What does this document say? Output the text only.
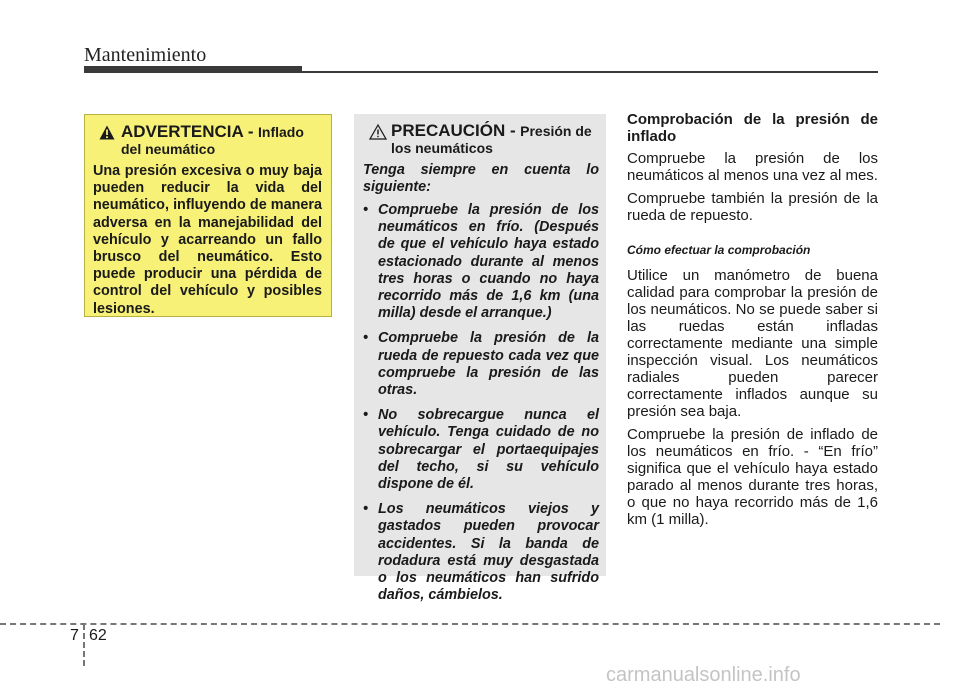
Mantenimiento
ADVERTENCIA - Inflado
del neumático
Una presión excesiva o muy baja pueden reducir la vida del neumático, influyendo de manera adversa en la manejabilidad del vehículo y acarreando un fallo brusco del neumático. Esto puede producir una pérdida de control del vehículo y posibles lesiones.
PRECAUCIÓN - Presión de
los neumáticos
Tenga siempre en cuenta lo siguiente:
• Compruebe la presión de los neumáticos en frío. (Después de que el vehículo haya estado estacionado durante al menos tres horas o cuando no haya recorrido más de 1,6 km (una milla) desde el arranque.)
• Compruebe la presión de la rueda de repuesto cada vez que compruebe la presión de las otras.
• No sobrecargue nunca el vehículo. Tenga cuidado de no sobrecargar el portaequipajes del techo, si su vehículo dispone de él.
• Los neumáticos viejos y gastados pueden provocar accidentes. Si la banda de rodadura está muy desgastada o los neumáticos han sufrido daños, cámbielos.

Comprobación de la presión de inflado

Compruebe la presión de los neumáticos al menos una vez al mes.

Compruebe también la presión de la rueda de repuesto.

Cómo efectuar la comprobación

Utilice un manómetro de buena calidad para comprobar la presión de los neumáticos. No se puede saber si las ruedas están infladas correctamente mediante una simple inspección visual. Los neumáticos radiales pueden parecer correctamente inflados aunque su presión sea baja.

Compruebe la presión de inflado de los neumáticos en frío. - “En frío” significa que el vehículo haya estado parado al menos durante tres horas, o que no haya recorrido más de 1,6 km (1 milla).

7 62
carmanualsonline.info
